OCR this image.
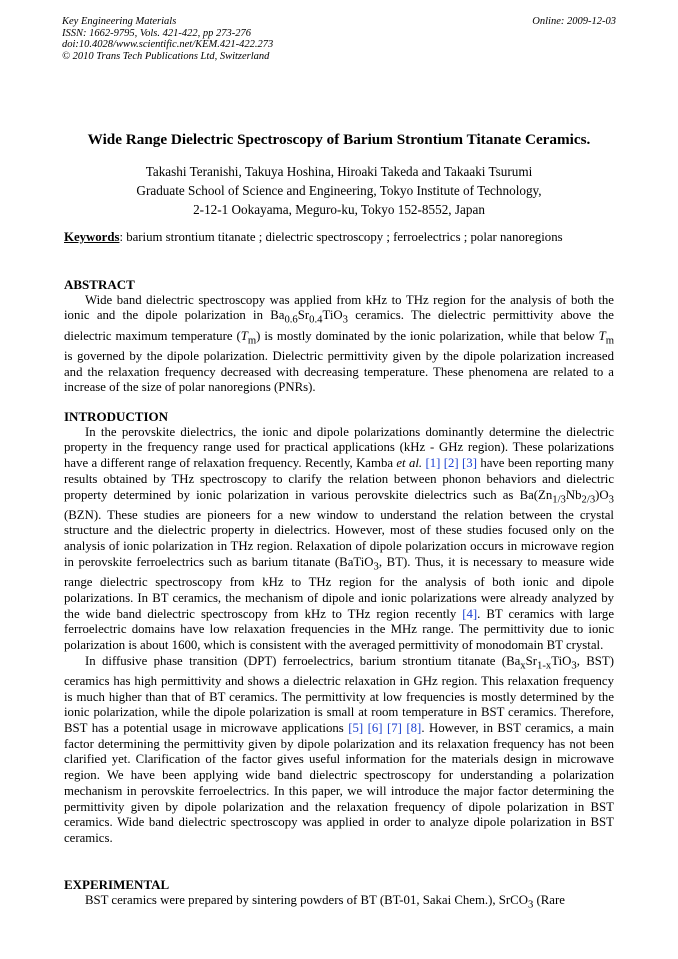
Key Engineering Materials
ISSN: 1662-9795, Vols. 421-422, pp 273-276
doi:10.4028/www.scientific.net/KEM.421-422.273
© 2010 Trans Tech Publications Ltd, Switzerland
Online: 2009-12-03
Wide Range Dielectric Spectroscopy of Barium Strontium Titanate Ceramics.
Takashi Teranishi, Takuya Hoshina, Hiroaki Takeda and Takaaki Tsurumi
Graduate School of Science and Engineering, Tokyo Institute of Technology,
2-12-1 Ookayama, Meguro-ku, Tokyo 152-8552, Japan
Keywords: barium strontium titanate ; dielectric spectroscopy ; ferroelectrics ; polar nanoregions
ABSTRACT

Wide band dielectric spectroscopy was applied from kHz to THz region for the analysis of both the ionic and the dipole polarization in $Ba_{0.6}Sr_{0.4}TiO_3$ ceramics. The dielectric permittivity above the dielectric maximum temperature $(T_m)$ is mostly dominated by the ionic polarization, while that below $T_m$ is governed by the dipole polarization. Dielectric permittivity given by the dipole polarization increased and the relaxation frequency decreased with decreasing temperature. These phenomena are related to a increase of the size of polar nanoregions (PNRs).

INTRODUCTION

In the perovskite dielectrics, the ionic and dipole polarizations dominantly determine the dielectric property in the frequency range used for practical applications (kHz - GHz region). These polarizations have a different range of relaxation frequency. Recently, Kamba et al. [1] [2] [3] have been reporting many results obtained by THz spectroscopy to clarify the relation between phonon behaviors and dielectric property determined by ionic polarization in various perovskite dielectrics such as $Ba(Zn_{1/3}Nb_{2/3})O_3$ (BZN). These studies are pioneers for a new window to understand the relation between the crystal structure and the dielectric property in dielectrics. However, most of these studies focused only on the analysis of ionic polarization in THz region. Relaxation of dipole polarization occurs in microwave region in perovskite ferroelectrics such as barium titanate (BaTiO$_3$, BT). Thus, it is necessary to measure wide range dielectric spectroscopy from kHz to THz region for the analysis of both ionic and dipole polarizations. In BT ceramics, the mechanism of dipole and ionic polarizations were already analyzed by the wide band dielectric spectroscopy from kHz to THz region recently [4]. BT ceramics with large ferroelectric domains have low relaxation frequencies in the MHz range. The permittivity due to ionic polarization is about 1600, which is consistent with the averaged permittivity of monodomain BT crystal.

In diffusive phase transition (DPT) ferroelectrics, barium strontium titanate ($Ba_xSr_{1-x}TiO_3$, BST) ceramics has high permittivity and shows a dielectric relaxation in GHz region. This relaxation frequency is much higher than that of BT ceramics. The permittivity at low frequencies is mostly determined by the ionic polarization, while the dipole polarization is small at room temperature in BST ceramics. Therefore, BST has a potential usage in microwave applications [5] [6] [7] [8]. However, in BST ceramics, a main factor determining the permittivity given by dipole polarization and its relaxation frequency has not been clarified yet. Clarification of the factor gives useful information for the materials design in microwave region. We have been applying wide band dielectric spectroscopy for understanding a polarization mechanism in perovskite ferroelectrics. In this paper, we will introduce the major factor determining the permittivity given by dipole polarization and the relaxation frequency of dipole polarization in BST ceramics. Wide band dielectric spectroscopy was applied in order to analyze dipole polarization in BST ceramics.

EXPERIMENTAL

BST ceramics were prepared by sintering powders of BT (BT-01, Sakai Chem.), SrCO$_3$ (Rare
